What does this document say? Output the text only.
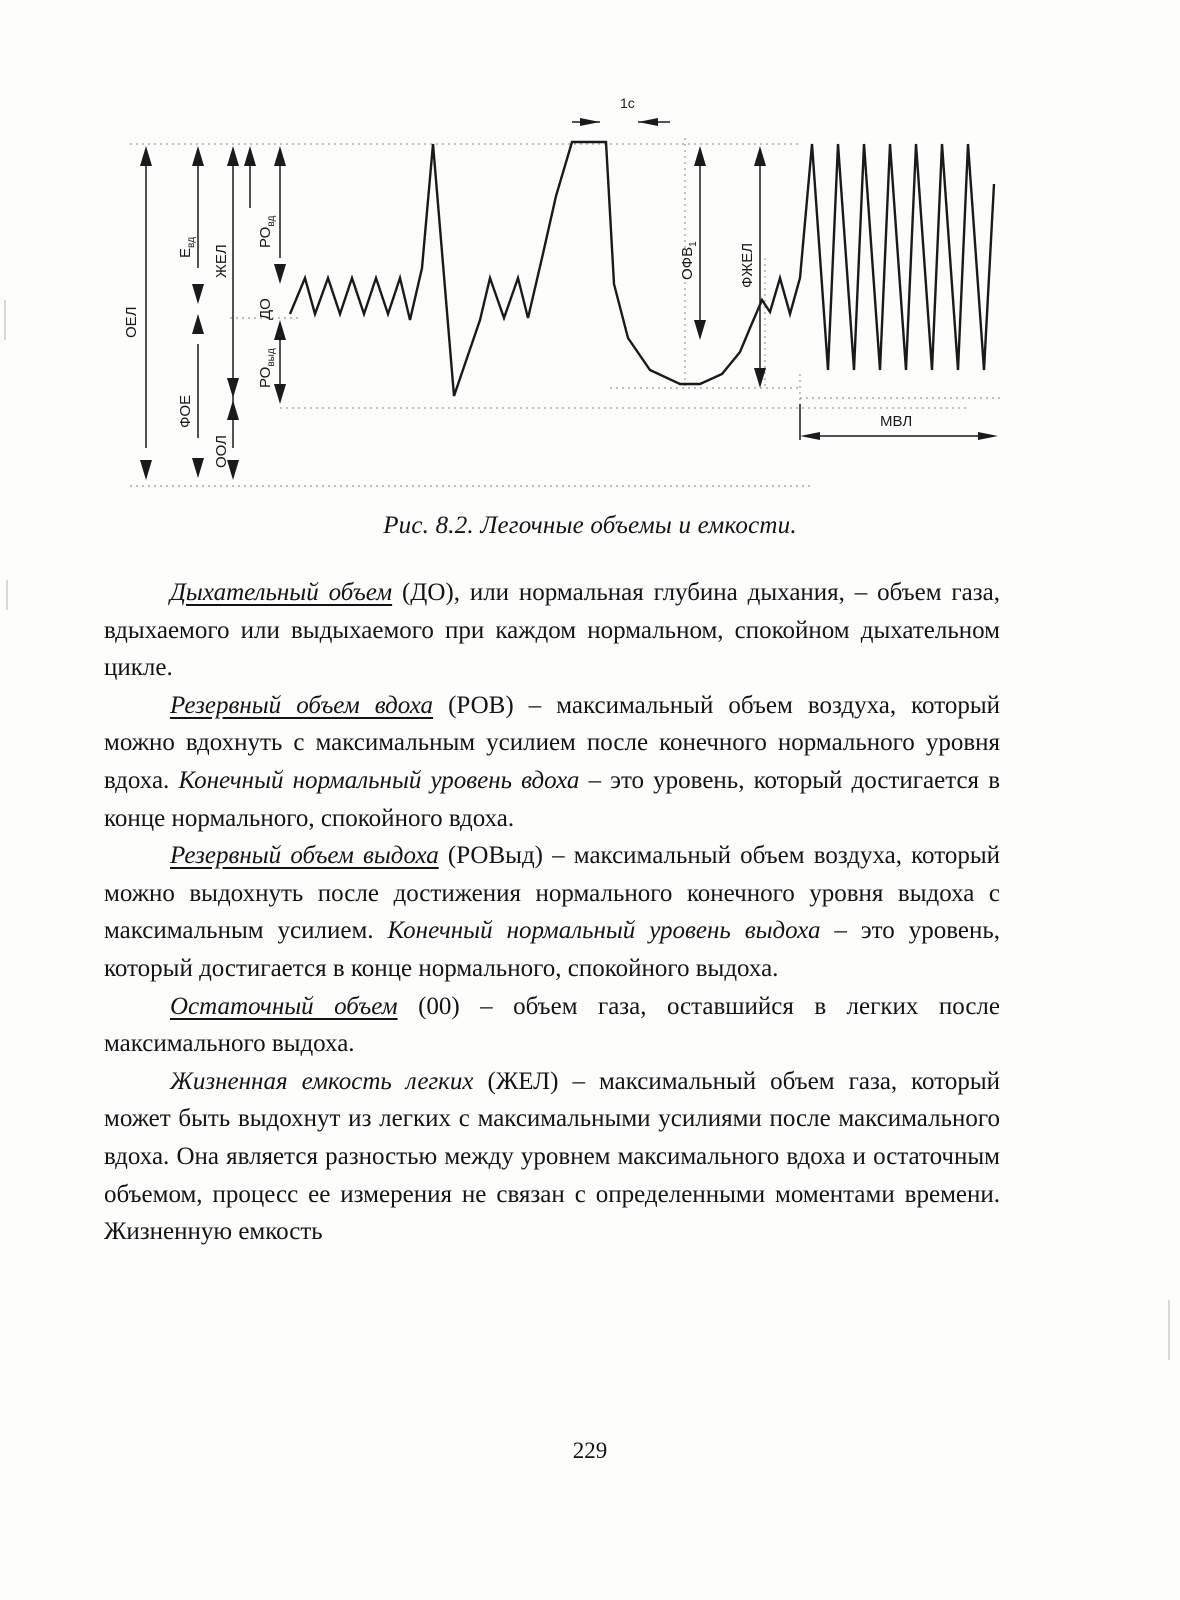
ОЕЛ
$Е_{вд}$
ЖЕЛ
ФОЕ
ООЛ
$РО_{вд}$
ДО
$РО_{выд}$
$ОФВ_1$	ФЖЕЛ
МВЛ
1с
Рис. 8.2. Легочные объемы и емкости.

Дыхательный объем (ДО), или нормальная глубина дыхания, – объем газа, вдыхаемого или выдыхаемого при каждом нормальном, спокойном дыхательном цикле.

Резервный объем вдоха (РОВ) – максимальный объем воздуха, который можно вдохнуть с максимальным усилием после конечного нормального уровня вдоха. Конечный нормальный уровень вдоха – это уровень, который достигается в конце нормального, спокойного вдоха.

Резервный объем выдоха (РОВыд) – максимальный объем воздуха, который можно выдохнуть после достижения нормального конечного уровня выдоха с максимальным усилием. Конечный нормальный уровень выдоха – это уровень, который достигается в конце нормального, спокойного выдоха.

Остаточный объем (00) – объем газа, оставшийся в легких после максимального выдоха.

Жизненная емкость легких (ЖЕЛ) – максимальный объем газа, который может быть выдохнут из легких с максимальными усилиями после максимального вдоха. Она является разностью между уровнем максимального вдоха и остаточным объемом, процесс ее измерения не связан с определенными моментами времени. Жизненную емкость

229
